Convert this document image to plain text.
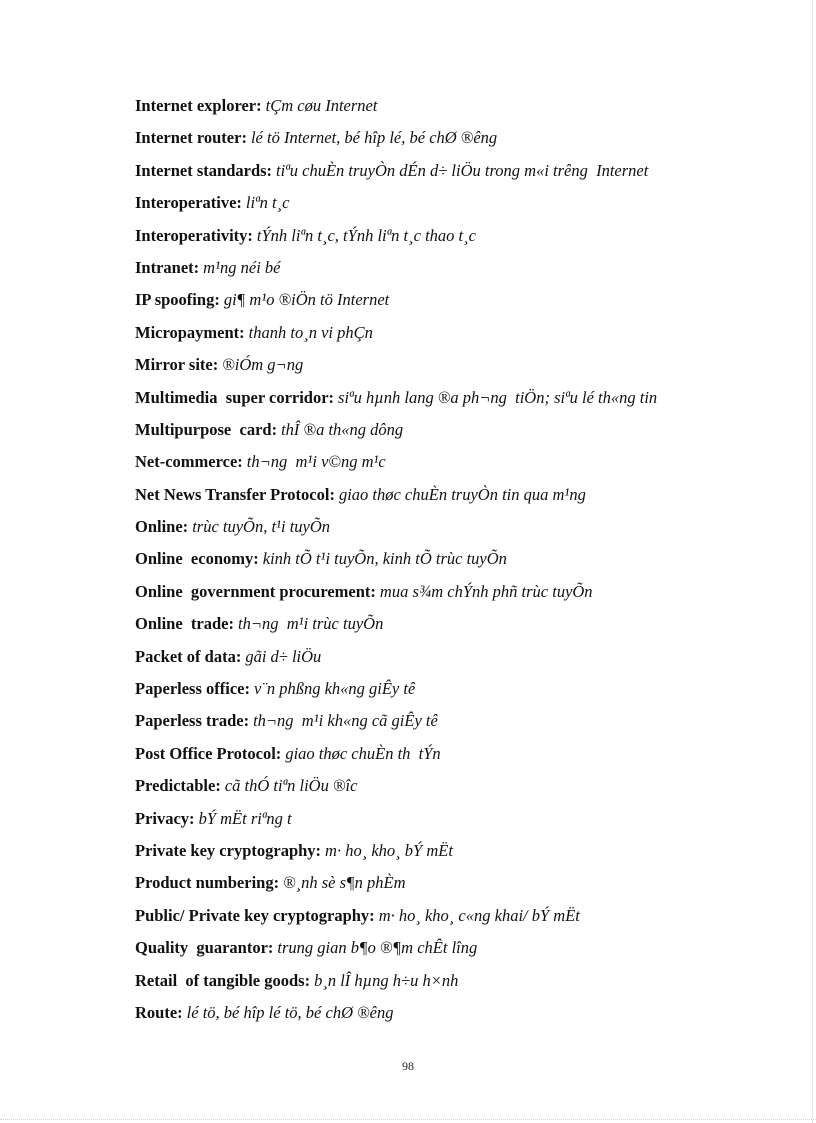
Internet explorer: tÇm cøu Internet
Internet router: lé tö Internet, bé hîp lé, bé chØ ®êng
Internet standards: tiªu chuÈn truyÒn dÉn d÷ liÖu trong m«i trêng  Internet
Interoperative: liªn t¸c
Interoperativity: tÝnh liªn t¸c, tÝnh liªn t¸c thao t¸c
Intranet: m¹ng néi bé
IP spoofing: gi¶ m¹o ®iÖn tö Internet
Micropayment: thanh to¸n vi phÇn
Mirror site: ®iÓm g¬ng
Multimedia  super corridor: siªu hµnh lang ®a ph¬ng  tiÖn; siªu lé th«ng tin
Multipurpose  card: thÎ ®a th«ng dông
Net-commerce: th¬ng  m¹i v©ng m¹c
Net News Transfer Protocol: giao thøc chuÈn truyÒn tin qua m¹ng
Online: trùc tuyÕn, t¹i tuyÕn
Online  economy: kinh tÕ t¹i tuyÕn, kinh tÕ trùc tuyÕn
Online  government procurement: mua s¾m chÝnh phñ trùc tuyÕn
Online  trade: th¬ng  m¹i trùc tuyÕn
Packet of data: gãi d÷ liÖu
Paperless office: v¨n phßng kh«ng giÊy tê
Paperless trade: th¬ng  m¹i kh«ng cã giÊy tê
Post Office Protocol: giao thøc chuÈn th  tÝn
Predictable: cã thÓ tiªn liÖu ®îc
Privacy: bÝ mËt riªng t
Private key cryptography: m· ho¸ kho¸ bÝ mËt
Product numbering: ®¸nh sè s¶n phÈm
Public/ Private key cryptography: m· ho¸ kho¸ c«ng khai/ bÝ mËt
Quality  guarantor: trung gian b¶o ®¶m chÊt lîng
Retail  of tangible goods: b¸n lÎ hµng h÷u h×nh
Route: lé tö, bé hîp lé tö, bé chØ ®êng
98
